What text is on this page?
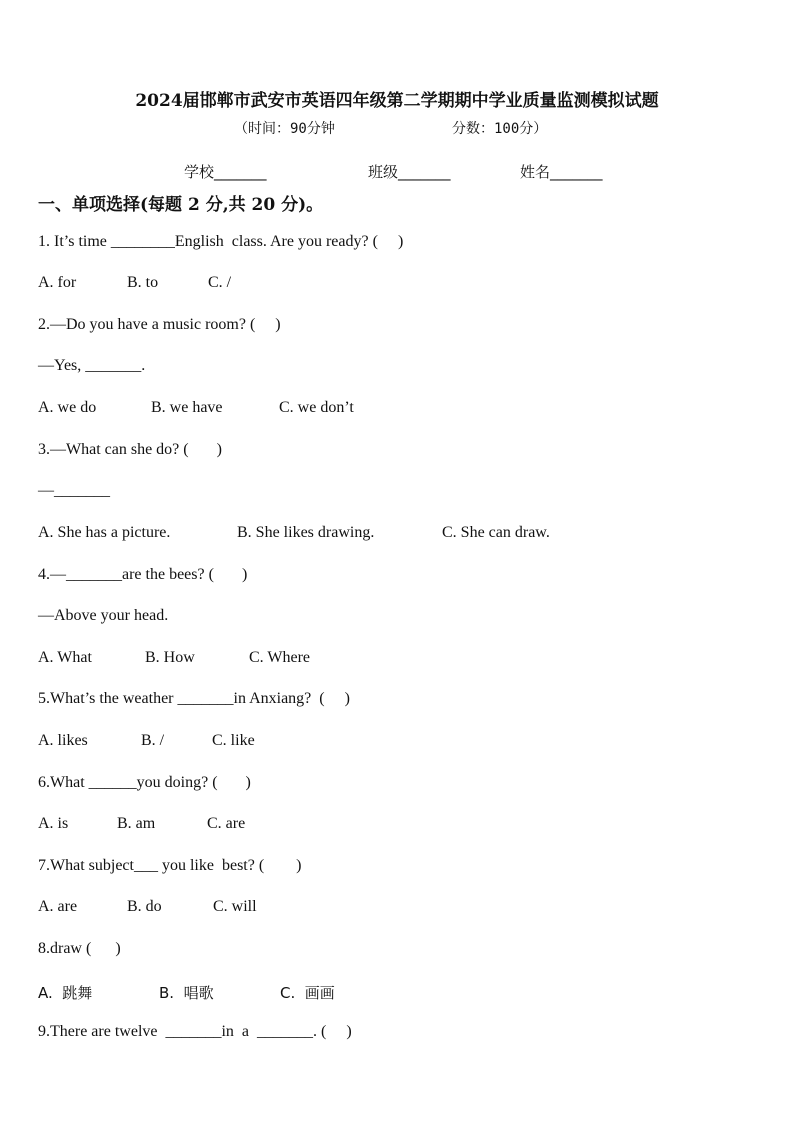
2024届邯郸市武安市英语四年级第二学期期中学业质量监测模拟试题
（时间：90分钟	分数：100分）
学校_______	班级_______	姓名_______
一、单项选择(每题 2 分,共 20 分)。
1. It’s time ________English  class. Are you ready? (     )

A. for

	B. to

	C. /

2.—Do you have a music room? (     )
—Yes, _______.

A. we do

	B. we have

	C. we don’t

3.—What can she do? (       )
—_______

A. She has a picture.

	B. She likes drawing.

	C. She can draw.

4.—_______are the bees? (       )
—Above your head.

A. What

	B. How

	C. Where

5.What’s the weather _______in Anxiang?  (     )

A. likes

	B. /

	C. like

6.What ______you doing? (       )

A. is

	B. am

	C. are

7.What subject___ you like  best? (        )

A. are

	B. do

	C. will

8.draw (      )

A.  跳舞

	B.  唱歌

	C.  画画

9.There are twelve  _______in  a  _______. (     )
